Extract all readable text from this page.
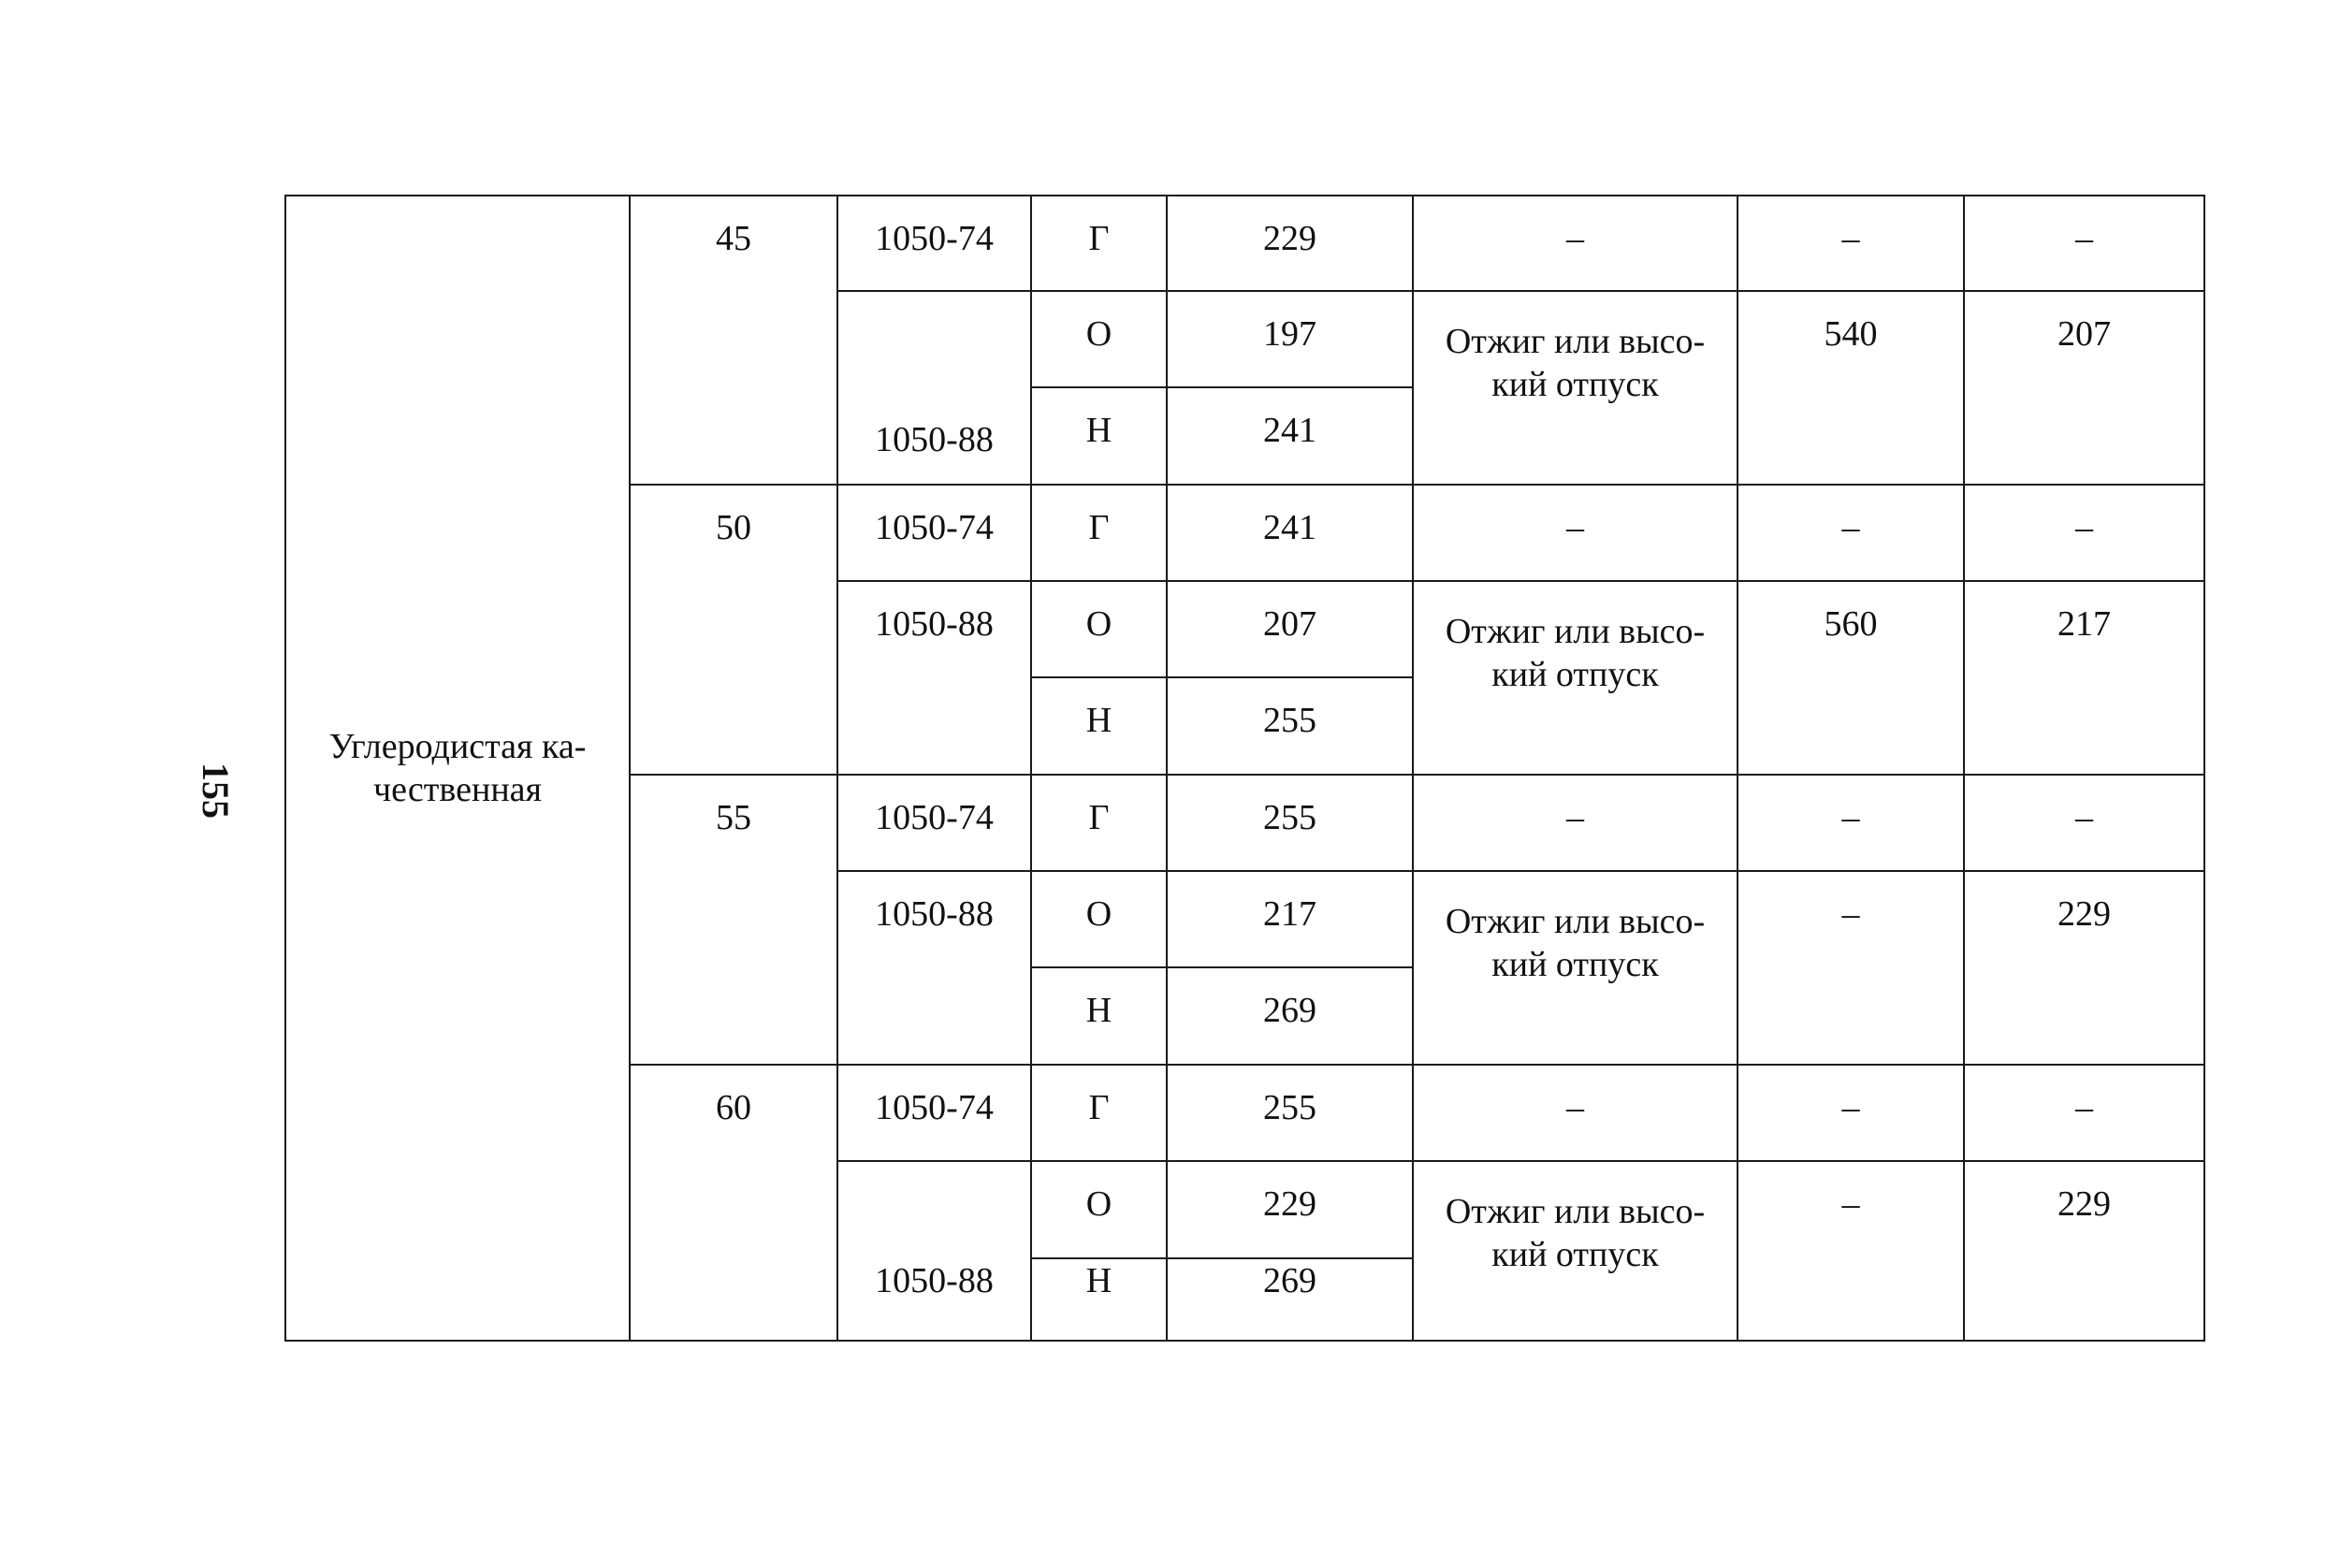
155
Углеродистая ка-
чественная	45	1050-74	Г	229	–	–	–
		1050-88	О	197	Отжиг или высо-
кий отпуск	540	207
			Н	241			
	50	1050-74	Г	241	–	–	–
		1050-88	О	207	Отжиг или высо-
кий отпуск	560	217
			Н	255			
	55	1050-74	Г	255	–	–	–
		1050-88	О	217	Отжиг или высо-
кий отпуск	–	229
			Н	269			
	60	1050-74	Г	255	–	–	–
		1050-88	О	229	Отжиг или высо-
кий отпуск	–	229
			Н	269			
